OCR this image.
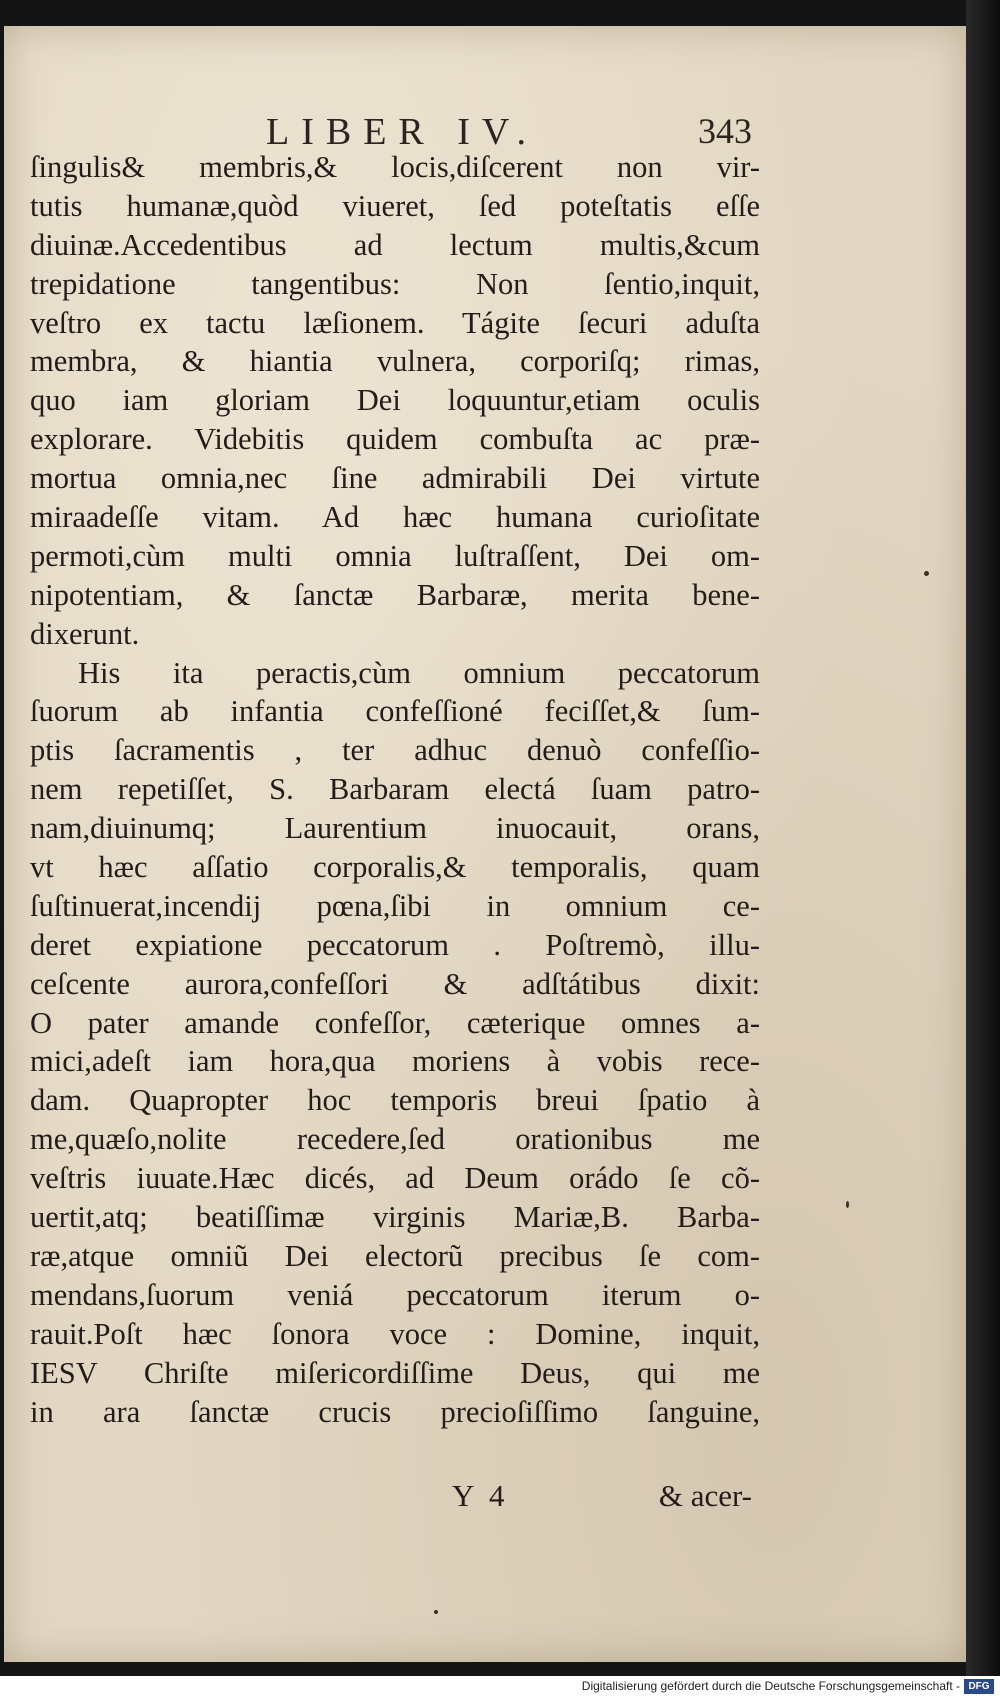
LIBER IV.	343
ſingulis& membris,& locis,diſcerent non vir-
tutis humanæ,quòd viueret, ſed poteſtatis eſſe
diuinæ.Accedentibus ad lectum multis,&cum
trepidatione tangentibus: Non ſentio,inquit,
veſtro ex tactu læſionem. Tágite ſecuri aduſta
membra, & hiantia vulnera, corporiſq; rimas,
quo iam gloriam Dei loquuntur,etiam oculis
explorare. Videbitis quidem combuſta ac præ-
mortua omnia,nec ſine admirabili Dei virtute
miraadeſſe vitam. Ad hæc humana curioſitate
permoti,cùm multi omnia luſtraſſent, Dei om-
nipotentiam, & ſanctæ Barbaræ, merita bene-
dixerunt.
His ita peractis,cùm omnium peccatorum
ſuorum ab infantia confeſſioné feciſſet,& ſum-
ptis ſacramentis , ter adhuc denuò confeſſio-
nem repetiſſet, S. Barbaram electá ſuam patro-
nam,diuinumq; Laurentium inuocauit, orans,
vt hæc aſſatio corporalis,& temporalis, quam
ſuſtinuerat,incendij pœna,ſibi in omnium ce-
deret expiatione peccatorum . Poſtremò, illu-
ceſcente aurora,confeſſori & adſtátibus dixit:
O pater amande confeſſor, cæterique omnes a-
mici,adeſt iam hora,qua moriens à vobis rece-
dam. Quapropter hoc temporis breui ſpatio à
me,quæſo,nolite recedere,ſed orationibus me
veſtris iuuate.Hæc dicés, ad Deum orádo ſe cõ-
uertit,atq; beatiſſimæ virginis Mariæ,B. Barba-
ræ,atque omniũ Dei electorũ precibus ſe com-
mendans,ſuorum veniá peccatorum iterum o-
rauit.Poſt hæc ſonora voce : Domine, inquit,
IESV Chriſte miſericordiſſime Deus, qui me
in ara ſanctæ crucis precioſiſſimo ſanguine,
Y 4	& acer-
Digitalisierung gefördert durch die Deutsche Forschungsgemeinschaft - DFG
